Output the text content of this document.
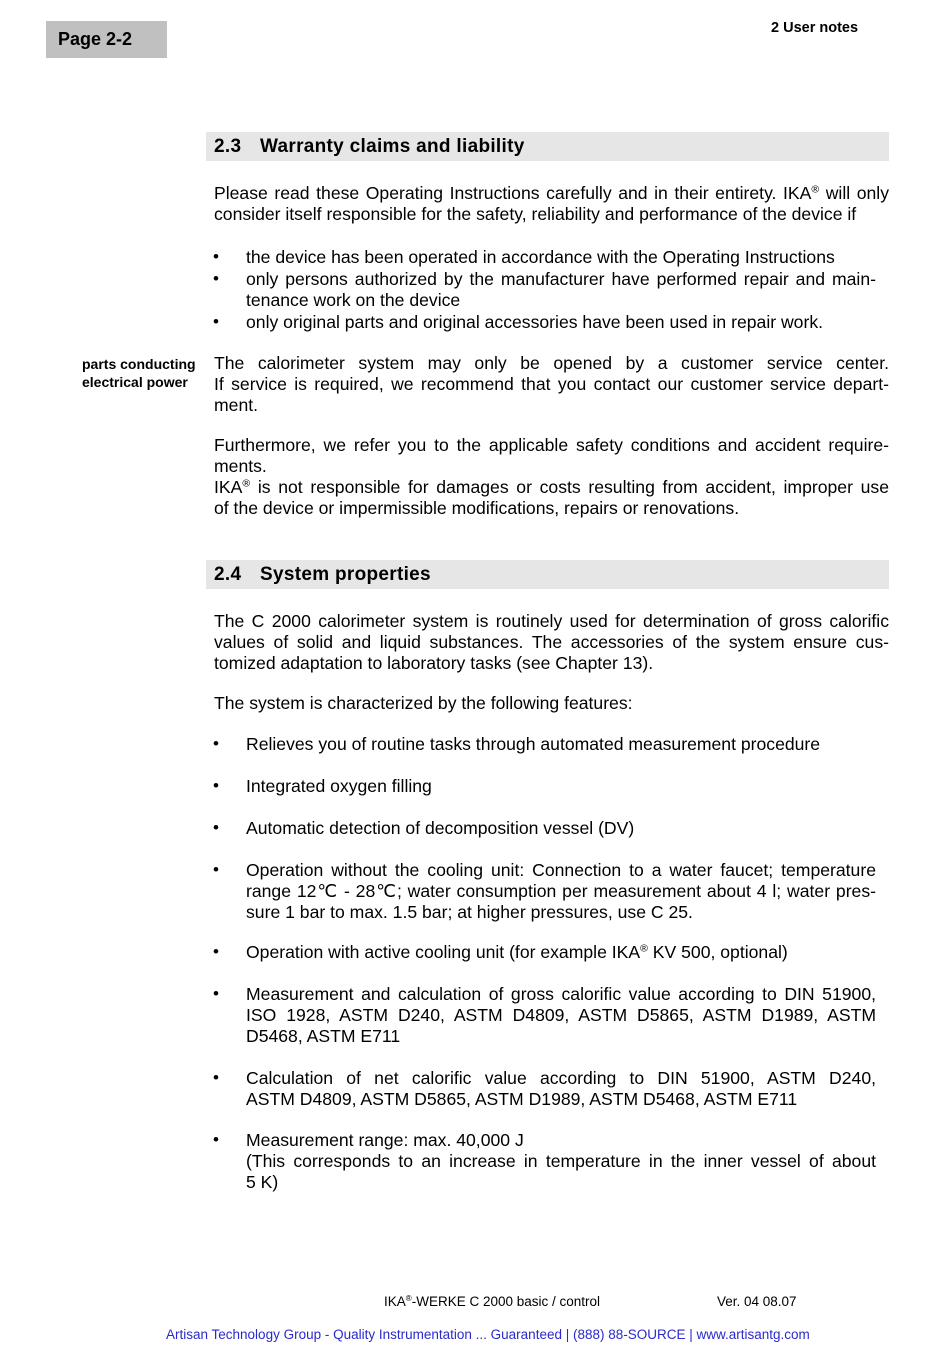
Page 2-2
2 User notes
2.3 Warranty claims and liability
2.4 System properties
parts conducting
electrical power
Please read these Operating Instructions carefully and in their entirety. IKA® will only
consider itself responsible for the safety, reliability and performance of the device if
• the device has been operated in accordance with the Operating Instructions
• only persons authorized by the manufacturer have performed repair and main-
tenance work on the device
• only original parts and original accessories have been used in repair work.
The calorimeter system may only be opened by a customer service center.
If service is required, we recommend that you contact our customer service depart-
ment.
Furthermore, we refer you to the applicable safety conditions and accident require-
ments.
IKA® is not responsible for damages or costs resulting from accident, improper use
of the device or impermissible modifications, repairs or renovations.
The C 2000 calorimeter system is routinely used for determination of gross calorific
values of solid and liquid substances. The accessories of the system ensure cus-
tomized adaptation to laboratory tasks (see Chapter 13).
The system is characterized by the following features:
• Relieves you of routine tasks through automated measurement procedure
• Integrated oxygen filling
• Automatic detection of decomposition vessel (DV)
• Operation without the cooling unit: Connection to a water faucet; temperature
range 12℃ - 28℃; water consumption per measurement about 4 l; water pres-
sure 1 bar to max. 1.5 bar; at higher pressures, use C 25.
• Operation with active cooling unit (for example IKA® KV 500, optional)
• Measurement and calculation of gross calorific value according to DIN 51900,
ISO 1928, ASTM D240, ASTM D4809, ASTM D5865, ASTM D1989, ASTM
D5468, ASTM E711
• Calculation of net calorific value according to DIN 51900, ASTM D240,
ASTM D4809, ASTM D5865, ASTM D1989, ASTM D5468, ASTM E711
• Measurement range: max. 40,000 J
(This corresponds to an increase in temperature in the inner vessel of about
5 K)
IKA®-WERKE C 2000 basic / control	Ver. 04 08.07
Artisan Technology Group - Quality Instrumentation ... Guaranteed | (888) 88-SOURCE | www.artisantg.com
